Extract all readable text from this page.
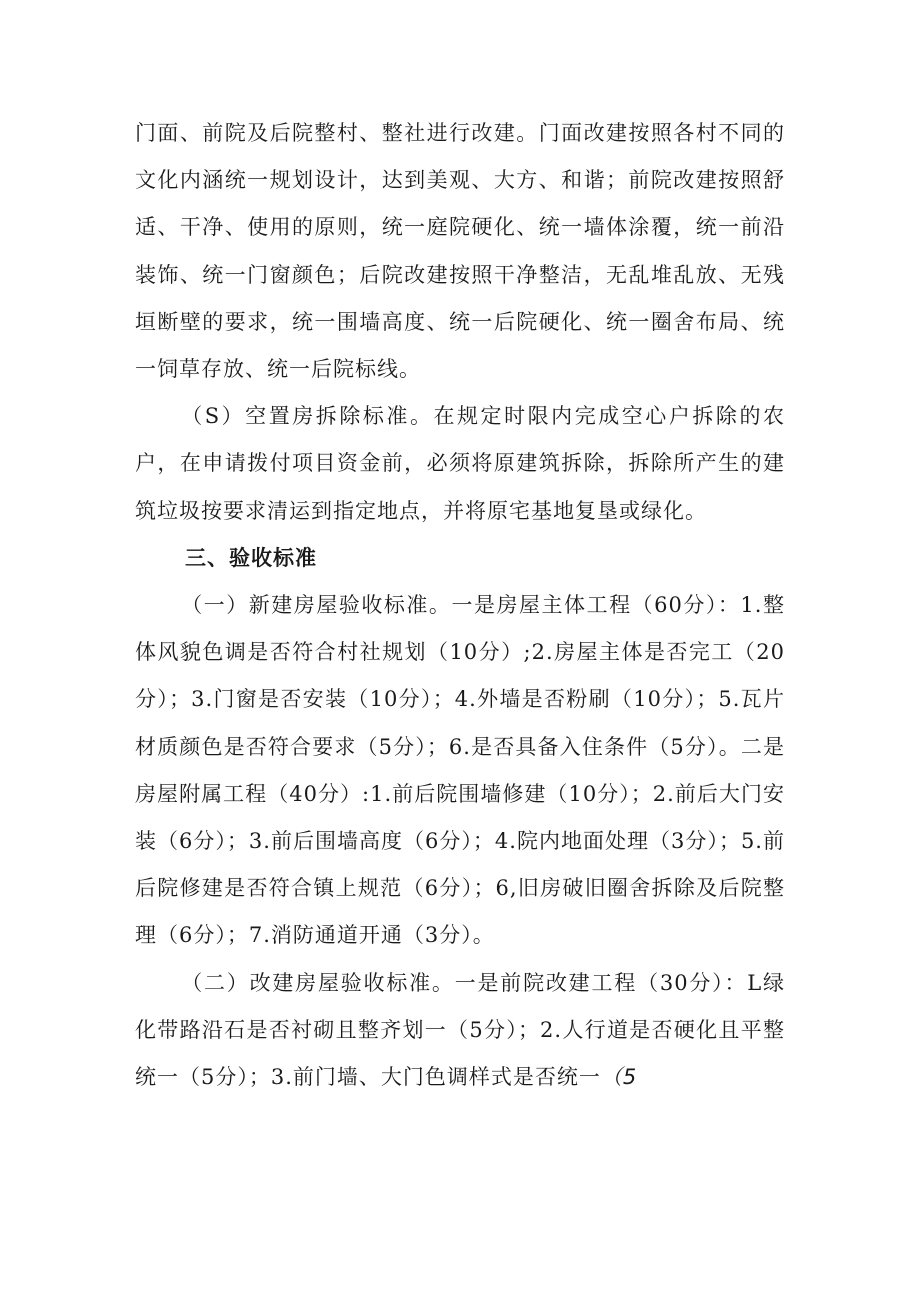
门面、前院及后院整村、整社进行改建。门面改建按照各村不同的文化内涵统一规划设计，达到美观、大方、和谐；前院改建按照舒适、干净、使用的原则，统一庭院硬化、统一墙体涂覆，统一前沿装饰、统一门窗颜色；后院改建按照干净整洁，无乱堆乱放、无残垣断壁的要求，统一围墙高度、统一后院硬化、统一圈舍布局、统一饲草存放、统一后院标线。

（S）空置房拆除标准。在规定时限内完成空心户拆除的农户，在申请拨付项目资金前，必须将原建筑拆除，拆除所产生的建筑垃圾按要求清运到指定地点，并将原宅基地复垦或绿化。

三、验收标准

（一）新建房屋验收标准。一是房屋主体工程（60分）：1.整体风貌色调是否符合村社规划（10分）;2.房屋主体是否完工（20分）；3.门窗是否安装（10分）；4.外墙是否粉刷（10分）；5.瓦片材质颜色是否符合要求（5分）；6.是否具备入住条件（5分）。二是房屋附属工程（40分）:1.前后院围墙修建（10分）；2.前后大门安装（6分）；3.前后围墙高度（6分）；4.院内地面处理（3分）；5.前后院修建是否符合镇上规范（6分）；6,旧房破旧圈舍拆除及后院整理（6分）；7.消防通道开通（3分）。

（二）改建房屋验收标准。一是前院改建工程（30分）：L绿化带路沿石是否衬砌且整齐划一（5分）；2.人行道是否硬化且平整统一（5分）；3.前门墙、大门色调样式是否统一（5
